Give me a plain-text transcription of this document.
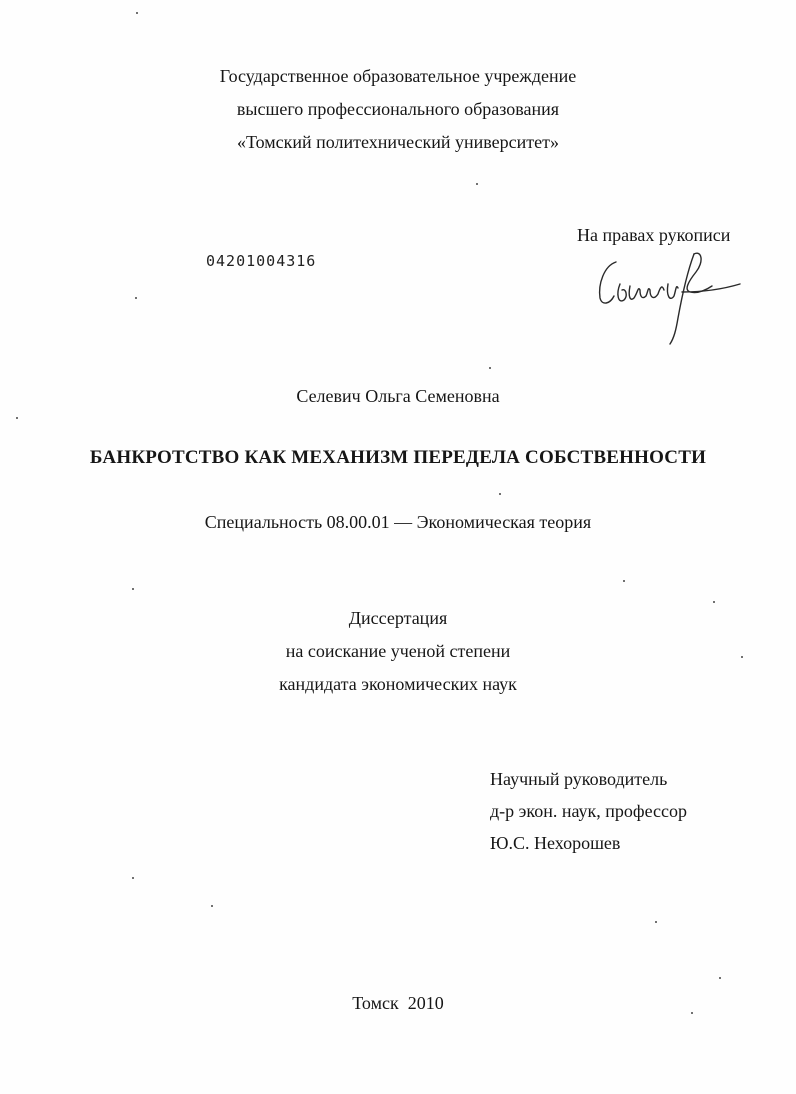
Государственное образовательное учреждение
высшего профессионального образования
«Томский политехнический университет»
На правах рукописи
04201004316
Селевич Ольга Семеновна
БАНКРОТСТВО КАК МЕХАНИЗМ ПЕРЕДЕЛА СОБСТВЕННОСТИ
Специальность 08.00.01 — Экономическая теория
Диссертация
на соискание ученой степени
кандидата экономических наук
Научный руководитель
д-р экон. наук, профессор
Ю.С. Нехорошев
Томск  2010
